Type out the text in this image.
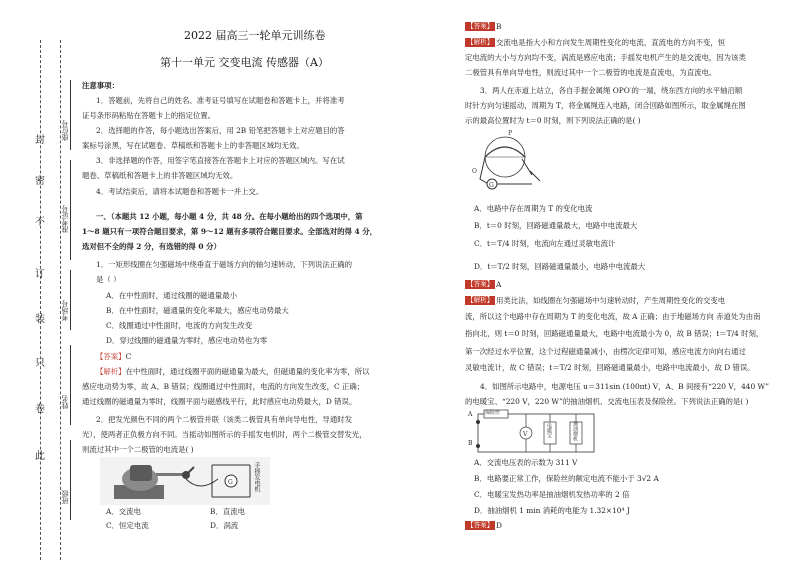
封
密
不
订
装
只
卷
此
准考证号
考场号
座位号
姓名
班级
2022 届高三一轮单元训练卷
第十一单元 交变电流 传感器（A）
注意事项：
1．答题前，先将自己的姓名、准考证号填写在试题卷和答题卡上，并将准考
证号条形码粘贴在答题卡上的指定位置。
2．选择题的作答，每小题选出答案后，用 2B 铅笔把答题卡上对应题目的答
案标号涂黑，写在试题卷、草稿纸和答题卡上的非答题区域均无效。
3．非选择题的作答，用签字笔直接答在答题卡上对应的答题区域内。写在试
题卷、草稿纸和答题卡上的非答题区域均无效。
4．考试结束后，请将本试题卷和答题卡一并上交。
一、（本题共 12 小题，每小题 4 分，共 48 分。在每小题给出的四个选项中，第
1～8 题只有一项符合题目要求，第 9～12 题有多项符合题目要求。全部选对的得 4 分，
选对但不全的得 2 分，有选错的得 0 分）
1．一矩形线圈在匀强磁场中绕垂直于磁场方向的轴匀速转动，下列说法正确的
是（ ）
A．在中性面时，通过线圈的磁通量最小
B．在中性面时，磁通量的变化率最大，感应电动势最大
C．线圈通过中性面时，电流的方向发生改变
D．穿过线圈的磁通量为零时，感应电动势也为零
【答案】C
【解析】在中性面时，通过线圈平面的磁通量为最大，但磁通量的变化率为零，所以
感应电动势为零，故 A、B 错误；线圈通过中性面时，电流的方向发生改变，C 正确；
通过线圈的磁通量为零时，线圈平面与磁感线平行，此时感应电动势最大，D 错误。
2．把发光颜色不同的两个二极管并联（该类二极管具有单向导电性，导通时发
光），使两者正负极方向不同。当摇动如图所示的手摇发电机时，两个二极管交替发光，
则流过其中一个二极管的电流是( )
G	手摇发电机
A．交流电	B．直流电
C．恒定电流	D．涡流
【答案】 B
【解析】 交流电是指大小和方向发生周期性变化的电流，直流电的方向不变，恒
定电流的大小与方向均不变，涡流是感应电流；手摇发电机产生的是交流电，因为该类
二极管具有单向导电性，则流过其中一个二极管的电流是直流电，为直流电。
3．两人在赤道上站立，各自手握金属绳 OPO′的一端，绕东西方向的水平轴沿顺
时针方向匀速摇动，周期为 T，将金属绳连入电路，闭合回路如图所示，取金属绳在图
示的最高位置时为 t＝0 时刻，则下列说法正确的是( )
G
O
P
A．电路中存在周期为 T 的变化电流
B．t＝0 时刻，回路磁通量最大，电路中电流最大
C．t＝T/4 时刻，电流向左通过灵敏电流计
D．t＝T/2 时刻，回路磁通量最小，电路中电流最大
【答案】 A
【解析】 用类比法，如线圈在匀强磁场中匀速转动时，产生周期性变化的交变电
流，所以这个电路中存在周期为 T 的变化电流，故 A 正确；由于地磁场方向 赤道处为由南
指向北，则 t＝0 时刻，回路磁通量最大，电路中电流最小为 0，故 B 错误；t＝T/4 时刻，
第一次经过水平位置，这个过程磁通量减小，由楞次定律可知，感应电流方向向右通过
灵敏电流计，故 C 错误；t＝T/2 时刻，回路磁通量最小，电路中电流最小，故 D 错误。
4．如图所示电路中，电源电压 u＝311sin (100πt) V，A、B 间接有“220 V，440 W”
的电暖宝、“220 V，220 W”的抽油烟机、交流电压表及保险丝。下列说法正确的是( )
V
保险丝
电暖宝	抽油烟机
A
B
A．交流电压表的示数为 311 V
B．电路要正常工作，保险丝的额定电流不能小于 3√2 A
C．电暖宝发热功率是抽油烟机发热功率的 2 倍
D．抽油烟机 1 min 消耗的电能为 1.32×10⁴ J
【答案】 D
